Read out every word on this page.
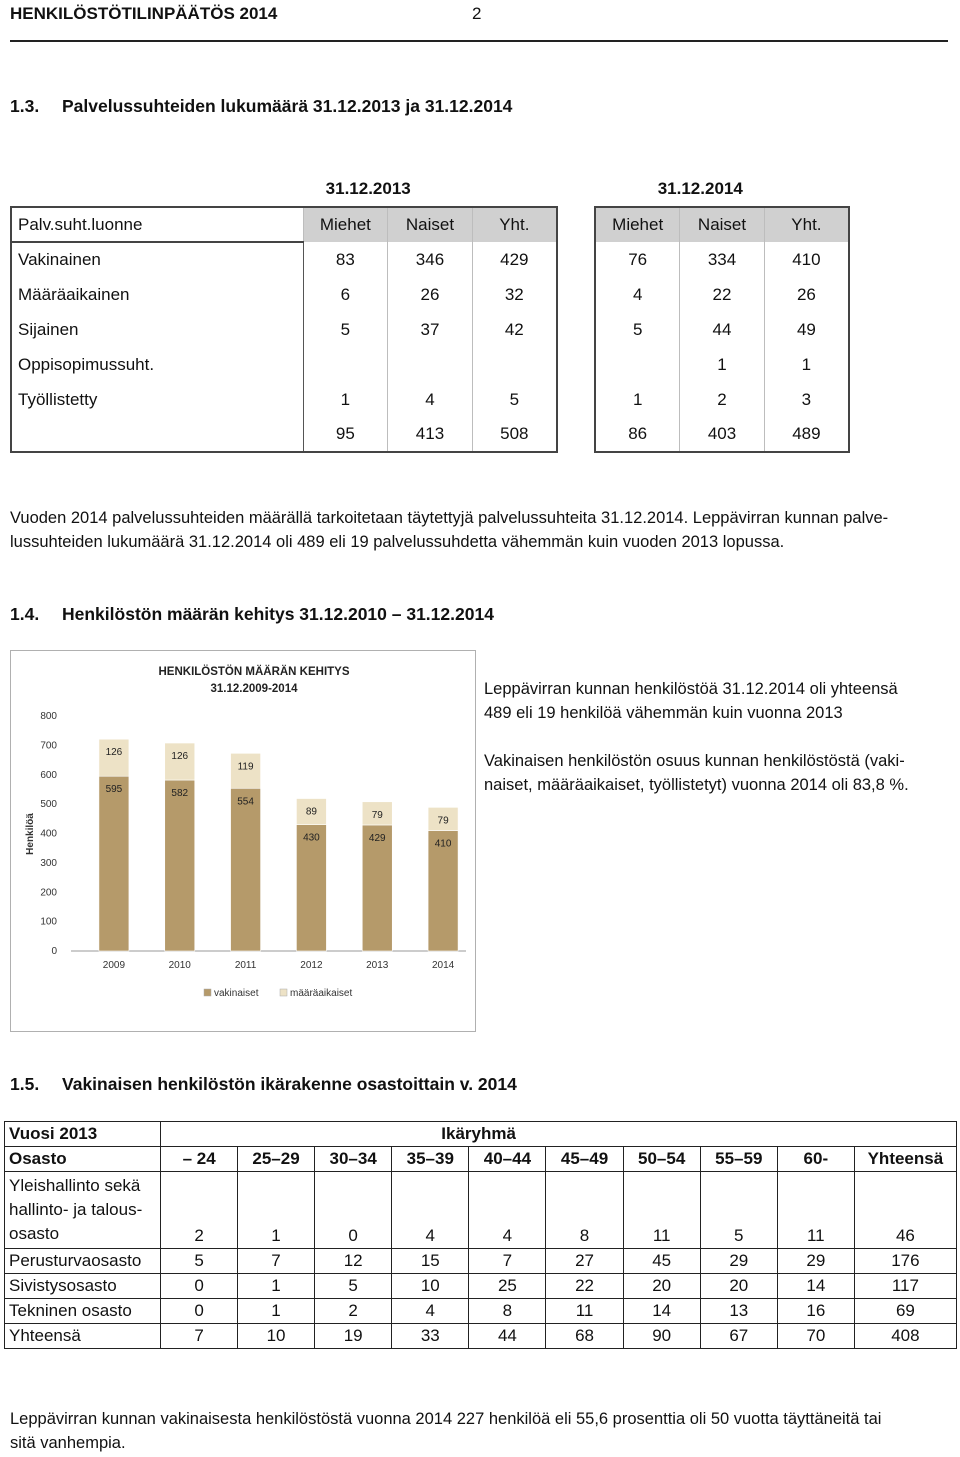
HENKILÖSTÖTILINPÄÄTÖS 2014	2
1.3. Palvelussuhteiden lukumäärä 31.12.2013 ja 31.12.2014
		31.12.2013				31.12.2014	
Palv.suht.luonne	Miehet	Naiset	Yht.		Miehet	Naiset	Yht.
Vakinainen	83	346	429		76	334	410
Määräaikainen	6	26	32		4	22	26
Sijainen	5	37	42		5	44	49
Oppisopimussuht.						1	1
Työllistetty	1	4	5		1	2	3
	95	413	508		86	403	489
Vuoden 2014 palvelussuhteiden määrällä tarkoitetaan täytettyjä palvelussuhteita 31.12.2014. Leppävirran kunnan palve-
lussuhteiden lukumäärä 31.12.2014 oli 489 eli 19 palvelussuhdetta vähemmän kuin vuoden 2013 lopussa.
1.4. Henkilöstön määrän kehitys 31.12.2010 – 31.12.2014
0
100
200
300
400
500
600
700
800
Henkilöä
HENKILÖSTÖN MÄÄRÄN KEHITYS
31.12.2009-2014
595
126
2009
582
126
2010
554
119
2011
430
89
2012
429
79
2013
410
79
2014
vakinaiset	määräaikaiset
Leppävirran kunnan henkilöstöä 31.12.2014 oli yhteensä
489 eli 19 henkilöä vähemmän kuin vuonna 2013
Vakinaisen henkilöstön osuus kunnan henkilöstöstä (vaki-
naiset, määräaikaiset, työllistetyt) vuonna 2014 oli 83,8 %.
1.5. Vakinaisen henkilöstön ikärakenne osastoittain v. 2014
Vuosi 2013	Ikäryhmä									
Osasto	– 24	25–29	30–34	35–39	40–44	45–49	50–54	55–59	60-	Yhteensä

Yleishallinto sekä
hallinto- ja talous-
osasto	2	1	0	4	4	8	11	5	11	46
Perusturvaosasto	5	7	12	15	7	27	45	29	29	176
Sivistysosasto	0	1	5	10	25	22	20	20	14	117
Tekninen osasto	0	1	2	4	8	11	14	13	16	69
Yhteensä	7	10	19	33	44	68	90	67	70	408
Leppävirran kunnan vakinaisesta henkilöstöstä vuonna 2014 227 henkilöä eli 55,6 prosenttia oli 50 vuotta täyttäneitä tai
sitä vanhempia.
